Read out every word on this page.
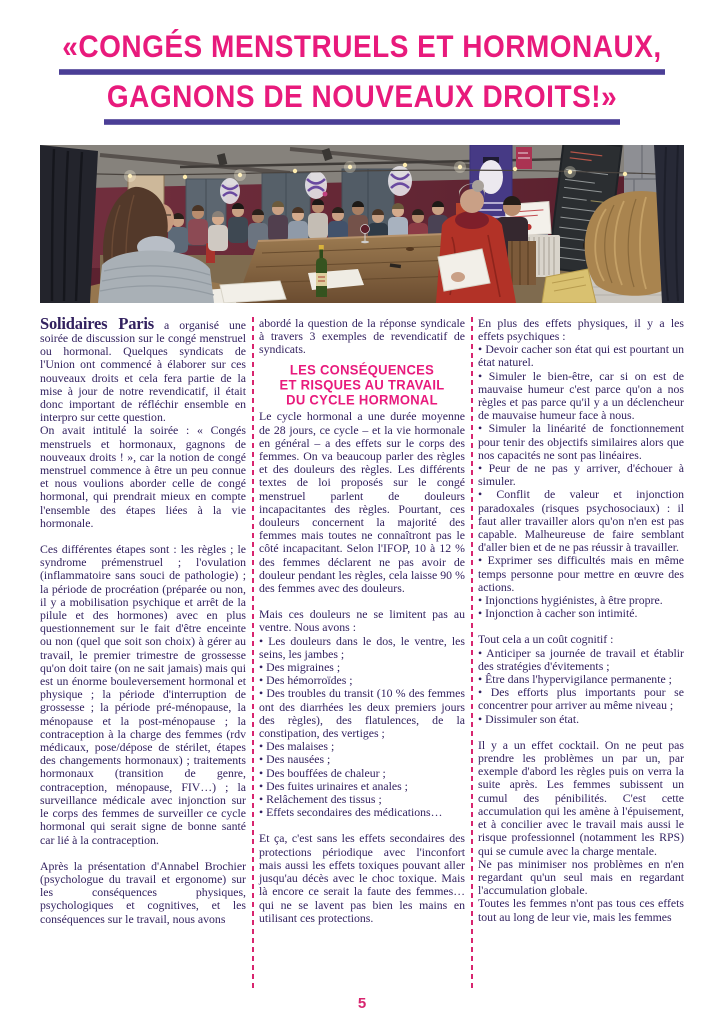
«CONGÉS MENSTRUELS ET HORMONAUX,
GAGNONS DE NOUVEAUX DROITS!»

Solidaires Paris a organisé une soirée de discussion sur le congé menstruel ou hormonal. Quelques syndicats de l'Union ont commencé à élaborer sur ces nouveaux droits et cela fera partie de la mise à jour de notre revendicatif, il était donc important de réfléchir ensemble en interpro sur cette question.

On avait intitulé la soirée : « Congés menstruels et hormonaux, gagnons de nouveaux droits ! », car la notion de congé menstruel commence à être un peu connue et nous voulions aborder celle de congé hormonal, qui prendrait mieux en compte l'ensemble des étapes liées à la vie hormonale.

Ces différentes étapes sont : les règles ; le syndrome prémenstruel ; l'ovulation (inflammatoire sans souci de pathologie) ; la période de procréation (préparée ou non, il y a mobilisation psychique et arrêt de la pilule et des hormones) avec en plus questionnement sur le fait d'être enceinte ou non (quel que soit son choix) à gérer au travail, le premier trimestre de grossesse qu'on doit taire (on ne sait jamais) mais qui est un énorme bouleversement hormonal et physique ; la période d'interruption de grossesse ; la période pré-ménopause, la ménopause et la post-ménopause ; la contraception à la charge des femmes (rdv médicaux, pose/dépose de stérilet, étapes des changements hormonaux) ; traitements hormonaux (transition de genre, contraception, ménopause, FIV…) ; la surveillance médicale avec injonction sur le corps des femmes de surveiller ce cycle hormonal qui serait signe de bonne santé car lié à la contraception.

Après la présentation d'Annabel Brochier (psychologue du travail et ergonome) sur les conséquences physiques, psychologiques et cognitives, et les conséquences sur le travail, nous avons

abordé la question de la réponse syndicale à travers 3 exemples de revendicatif de syndicats.

LES CONSÉQUENCES
ET RISQUES AU TRAVAIL
DU CYCLE HORMONAL

Le cycle hormonal a une durée moyenne de 28 jours, ce cycle – et la vie hormonale en général – a des effets sur le corps des femmes. On va beaucoup parler des règles et des douleurs des règles. Les différents textes de loi proposés sur le congé menstruel parlent de douleurs incapacitantes des règles. Pourtant, ces douleurs concernent la majorité des femmes mais toutes ne connaîtront pas le côté incapacitant. Selon l'IFOP, 10 à 12 % des femmes déclarent ne pas avoir de douleur pendant les règles, cela laisse 90 % des femmes avec des douleurs.

Mais ces douleurs ne se limitent pas au ventre. Nous avons :

• Les douleurs dans le dos, le ventre, les seins, les jambes ;

• Des migraines ;

• Des hémorroïdes ;

• Des troubles du transit (10 % des femmes ont des diarrhées les deux premiers jours des règles), des flatulences, de la constipation, des vertiges ;

• Des malaises ;

• Des nausées ;

• Des bouffées de chaleur ;

• Des fuites urinaires et anales ;

• Relâchement des tissus ;

• Effets secondaires des médications…

Et ça, c'est sans les effets secondaires des protections périodique avec l'inconfort mais aussi les effets toxiques pouvant aller jusqu'au décès avec le choc toxique. Mais là encore ce serait la faute des femmes… qui ne se lavent pas bien les mains en utilisant ces protections.

En plus des effets physiques, il y a les effets psychiques :

• Devoir cacher son état qui est pourtant un état naturel.

• Simuler le bien-être, car si on est de mauvaise humeur c'est parce qu'on a nos règles et pas parce qu'il y a un déclencheur de mauvaise humeur face à nous.

• Simuler la linéarité de fonctionnement pour tenir des objectifs similaires alors que nos capacités ne sont pas linéaires.

• Peur de ne pas y arriver, d'échouer à simuler.

• Conflit de valeur et injonction paradoxales (risques psychosociaux) : il faut aller travailler alors qu'on n'en est pas capable. Malheureuse de faire semblant d'aller bien et de ne pas réussir à travailler.

• Exprimer ses difficultés mais en même temps personne pour mettre en œuvre des actions.

• Injonctions hygiénistes, à être propre.

• Injonction à cacher son intimité.

Tout cela a un coût cognitif :

• Anticiper sa journée de travail et établir des stratégies d'évitements ;

• Être dans l'hypervigilance permanente ;

• Des efforts plus importants pour se concentrer pour arriver au même niveau ;

• Dissimuler son état.

Il y a un effet cocktail. On ne peut pas prendre les problèmes un par un, par exemple d'abord les règles puis on verra la suite après. Les femmes subissent un cumul des pénibilités. C'est cette accumulation qui les amène à l'épuisement, et à concilier avec le travail mais aussi le risque professionnel (notamment les RPS) qui se cumule avec la charge mentale.

Ne pas minimiser nos problèmes en n'en regardant qu'un seul mais en regardant l'accumulation globale.

Toutes les femmes n'ont pas tous ces effets tout au long de leur vie, mais les femmes

5
